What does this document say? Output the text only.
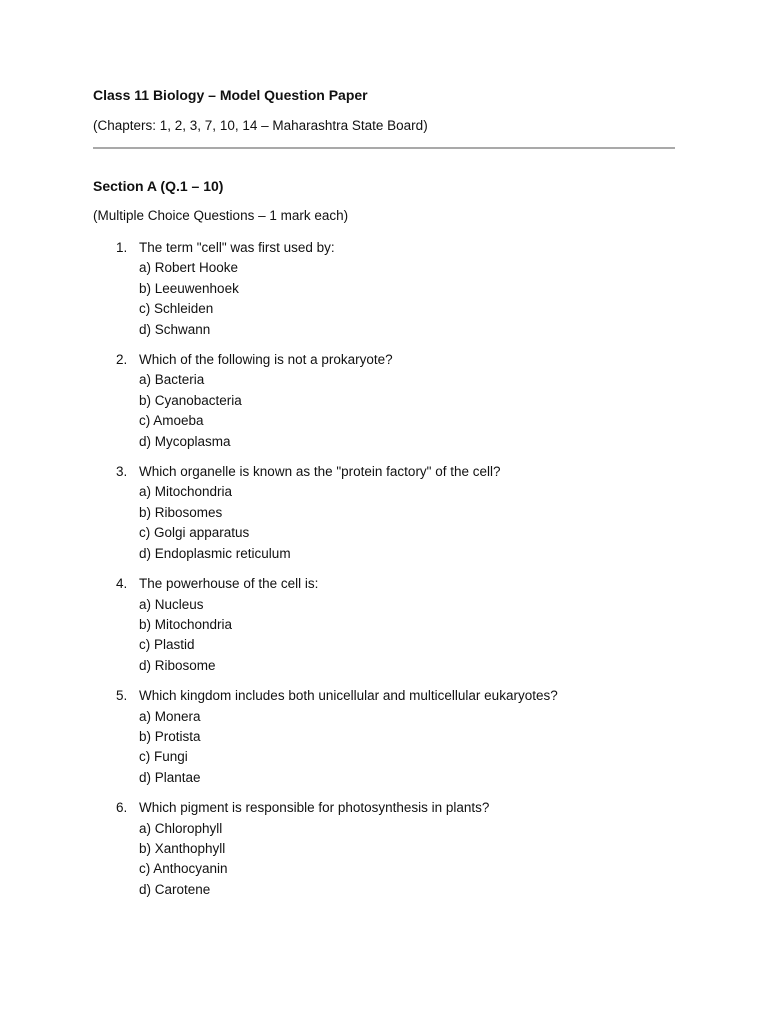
Class 11 Biology – Model Question Paper
(Chapters: 1, 2, 3, 7, 10, 14 – Maharashtra State Board)
Section A (Q.1 – 10)
(Multiple Choice Questions – 1 mark each)
1. The term "cell" was first used by:
a) Robert Hooke
b) Leeuwenhoek
c) Schleiden
d) Schwann
2. Which of the following is not a prokaryote?
a) Bacteria
b) Cyanobacteria
c) Amoeba
d) Mycoplasma
3. Which organelle is known as the "protein factory" of the cell?
a) Mitochondria
b) Ribosomes
c) Golgi apparatus
d) Endoplasmic reticulum
4. The powerhouse of the cell is:
a) Nucleus
b) Mitochondria
c) Plastid
d) Ribosome
5. Which kingdom includes both unicellular and multicellular eukaryotes?
a) Monera
b) Protista
c) Fungi
d) Plantae
6. Which pigment is responsible for photosynthesis in plants?
a) Chlorophyll
b) Xanthophyll
c) Anthocyanin
d) Carotene
